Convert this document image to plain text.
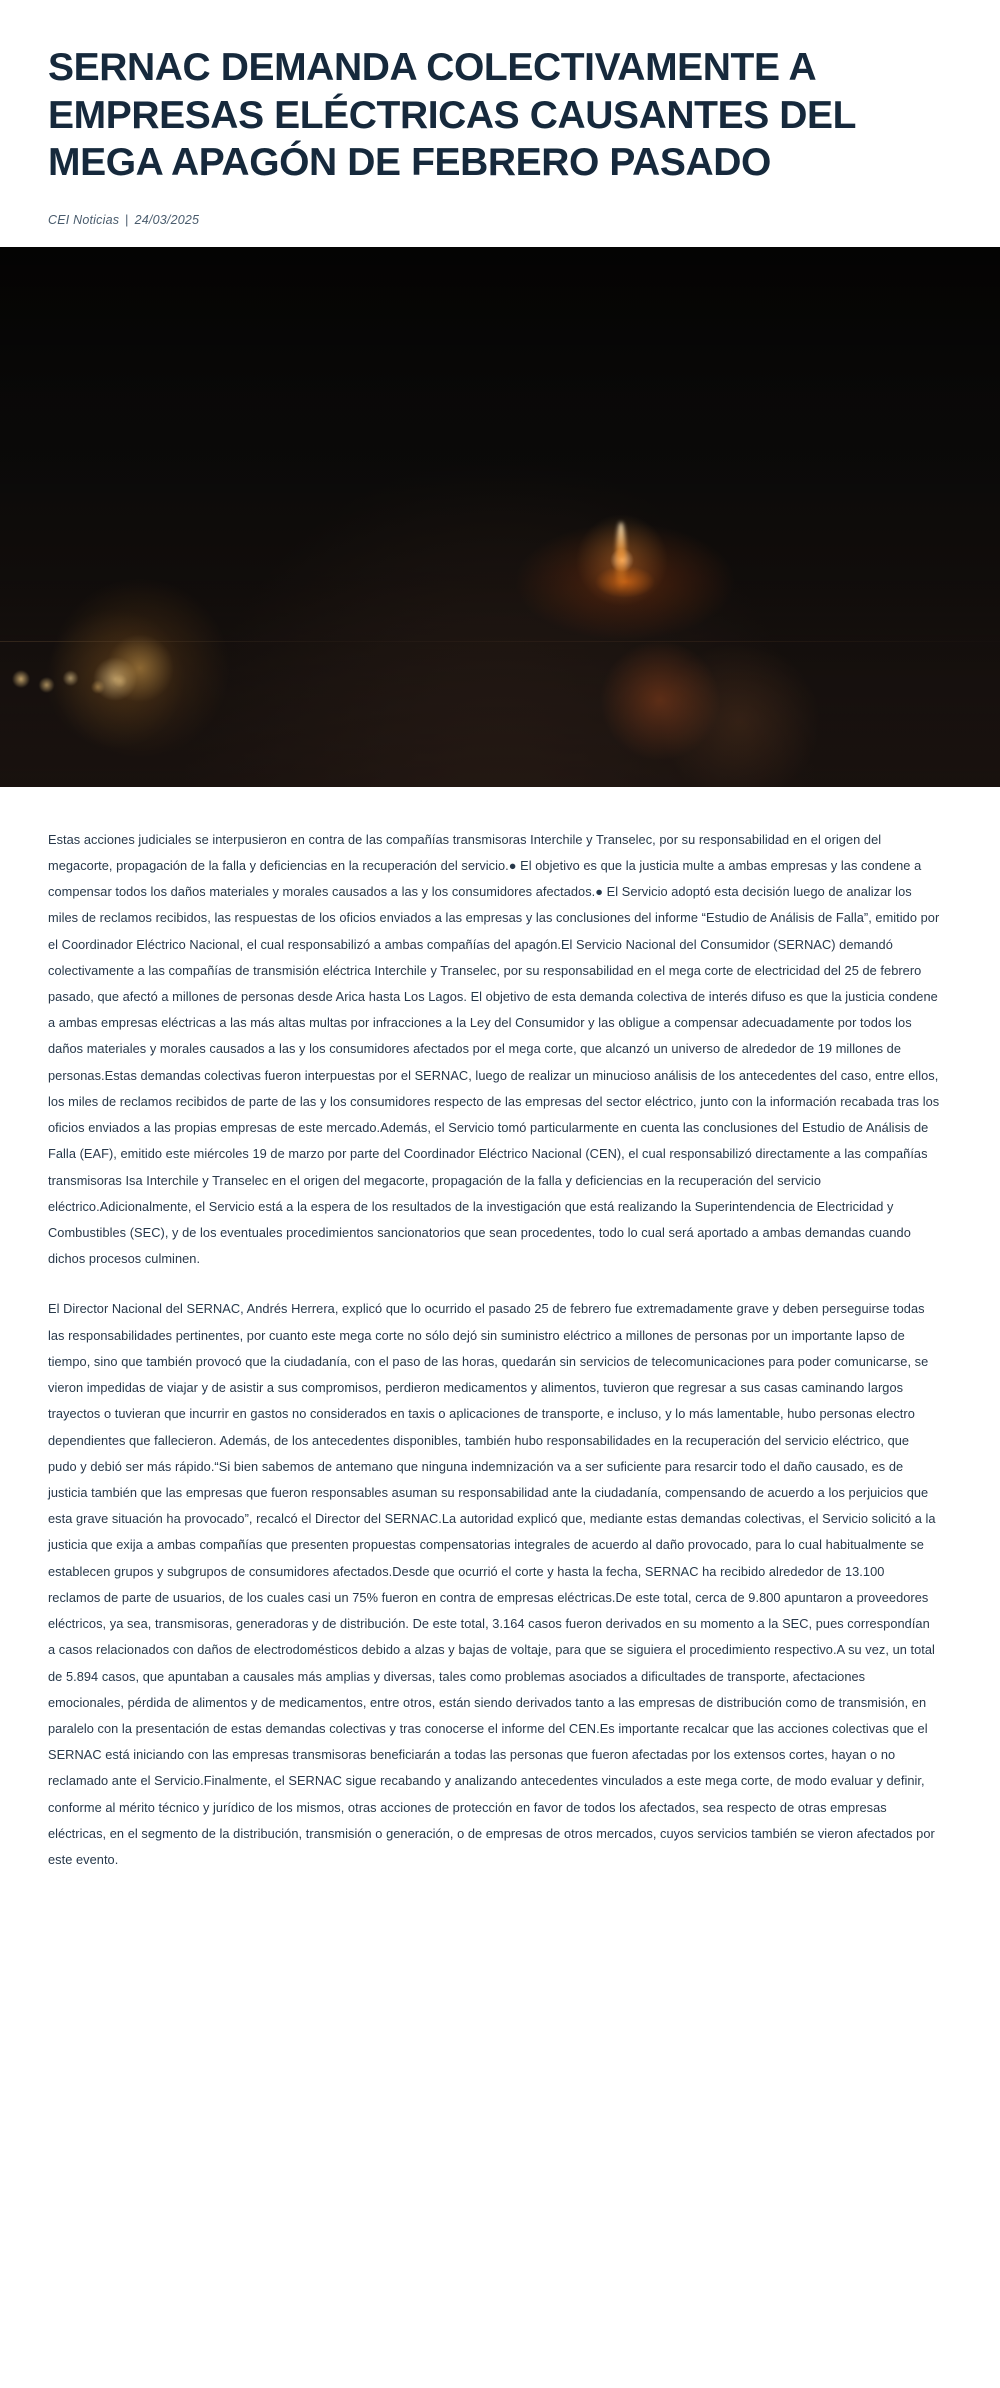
SERNAC DEMANDA COLECTIVAMENTE A EMPRESAS ELÉCTRICAS CAUSANTES DEL MEGA APAGÓN DE FEBRERO PASADO
CEI Noticias | 24/03/2025

Estas acciones judiciales se interpusieron en contra de las compañías transmisoras Interchile y Transelec, por su responsabilidad en el origen del megacorte, propagación de la falla y deficiencias en la recuperación del servicio.● El objetivo es que la justicia multe a ambas empresas y las condene a compensar todos los daños materiales y morales causados a las y los consumidores afectados.● El Servicio adoptó esta decisión luego de analizar los miles de reclamos recibidos, las respuestas de los oficios enviados a las empresas y las conclusiones del informe “Estudio de Análisis de Falla”, emitido por el Coordinador Eléctrico Nacional, el cual responsabilizó a ambas compañías del apagón.El Servicio Nacional del Consumidor (SERNAC) demandó colectivamente a las compañías de transmisión eléctrica Interchile y Transelec, por su responsabilidad en el mega corte de electricidad del 25 de febrero pasado, que afectó a millones de personas desde Arica hasta Los Lagos. El objetivo de esta demanda colectiva de interés difuso es que la justicia condene a ambas empresas eléctricas a las más altas multas por infracciones a la Ley del Consumidor y las obligue a compensar adecuadamente por todos los daños materiales y morales causados a las y los consumidores afectados por el mega corte, que alcanzó un universo de alrededor de 19 millones de personas.Estas demandas colectivas fueron interpuestas por el SERNAC, luego de realizar un minucioso análisis de los antecedentes del caso, entre ellos, los miles de reclamos recibidos de parte de las y los consumidores respecto de las empresas del sector eléctrico, junto con la información recabada tras los oficios enviados a las propias empresas de este mercado.Además, el Servicio tomó particularmente en cuenta las conclusiones del Estudio de Análisis de Falla (EAF), emitido este miércoles 19 de marzo por parte del Coordinador Eléctrico Nacional (CEN), el cual responsabilizó directamente a las compañías transmisoras Isa Interchile y Transelec en el origen del megacorte, propagación de la falla y deficiencias en la recuperación del servicio eléctrico.Adicionalmente, el Servicio está a la espera de los resultados de la investigación que está realizando la Superintendencia de Electricidad y Combustibles (SEC), y de los eventuales procedimientos sancionatorios que sean procedentes, todo lo cual será aportado a ambas demandas cuando dichos procesos culminen.

El Director Nacional del SERNAC, Andrés Herrera, explicó que lo ocurrido el pasado 25 de febrero fue extremadamente grave y deben perseguirse todas las responsabilidades pertinentes, por cuanto este mega corte no sólo dejó sin suministro eléctrico a millones de personas por un importante lapso de tiempo, sino que también provocó que la ciudadanía, con el paso de las horas, quedarán sin servicios de telecomunicaciones para poder comunicarse, se vieron impedidas de viajar y de asistir a sus compromisos, perdieron medicamentos y alimentos, tuvieron que regresar a sus casas caminando largos trayectos o tuvieran que incurrir en gastos no considerados en taxis o aplicaciones de transporte, e incluso, y lo más lamentable, hubo personas electro dependientes que fallecieron. Además, de los antecedentes disponibles, también hubo responsabilidades en la recuperación del servicio eléctrico, que pudo y debió ser más rápido.“Si bien sabemos de antemano que ninguna indemnización va a ser suficiente para resarcir todo el daño causado, es de justicia también que las empresas que fueron responsables asuman su responsabilidad ante la ciudadanía, compensando de acuerdo a los perjuicios que esta grave situación ha provocado”, recalcó el Director del SERNAC.La autoridad explicó que, mediante estas demandas colectivas, el Servicio solicitó a la justicia que exija a ambas compañías que presenten propuestas compensatorias integrales de acuerdo al daño provocado, para lo cual habitualmente se establecen grupos y subgrupos de consumidores afectados.Desde que ocurrió el corte y hasta la fecha, SERNAC ha recibido alrededor de 13.100 reclamos de parte de usuarios, de los cuales casi un 75% fueron en contra de empresas eléctricas.De este total, cerca de 9.800 apuntaron a proveedores eléctricos, ya sea, transmisoras, generadoras y de distribución. De este total, 3.164 casos fueron derivados en su momento a la SEC, pues correspondían a casos relacionados con daños de electrodomésticos debido a alzas y bajas de voltaje, para que se siguiera el procedimiento respectivo.A su vez, un total de 5.894 casos, que apuntaban a causales más amplias y diversas, tales como problemas asociados a dificultades de transporte, afectaciones emocionales, pérdida de alimentos y de medicamentos, entre otros, están siendo derivados tanto a las empresas de distribución como de transmisión, en paralelo con la presentación de estas demandas colectivas y tras conocerse el informe del CEN.Es importante recalcar que las acciones colectivas que el SERNAC está iniciando con las empresas transmisoras beneficiarán a todas las personas que fueron afectadas por los extensos cortes, hayan o no reclamado ante el Servicio.Finalmente, el SERNAC sigue recabando y analizando antecedentes vinculados a este mega corte, de modo evaluar y definir, conforme al mérito técnico y jurídico de los mismos, otras acciones de protección en favor de todos los afectados, sea respecto de otras empresas eléctricas, en el segmento de la distribución, transmisión o generación, o de empresas de otros mercados, cuyos servicios también se vieron afectados por este evento.
